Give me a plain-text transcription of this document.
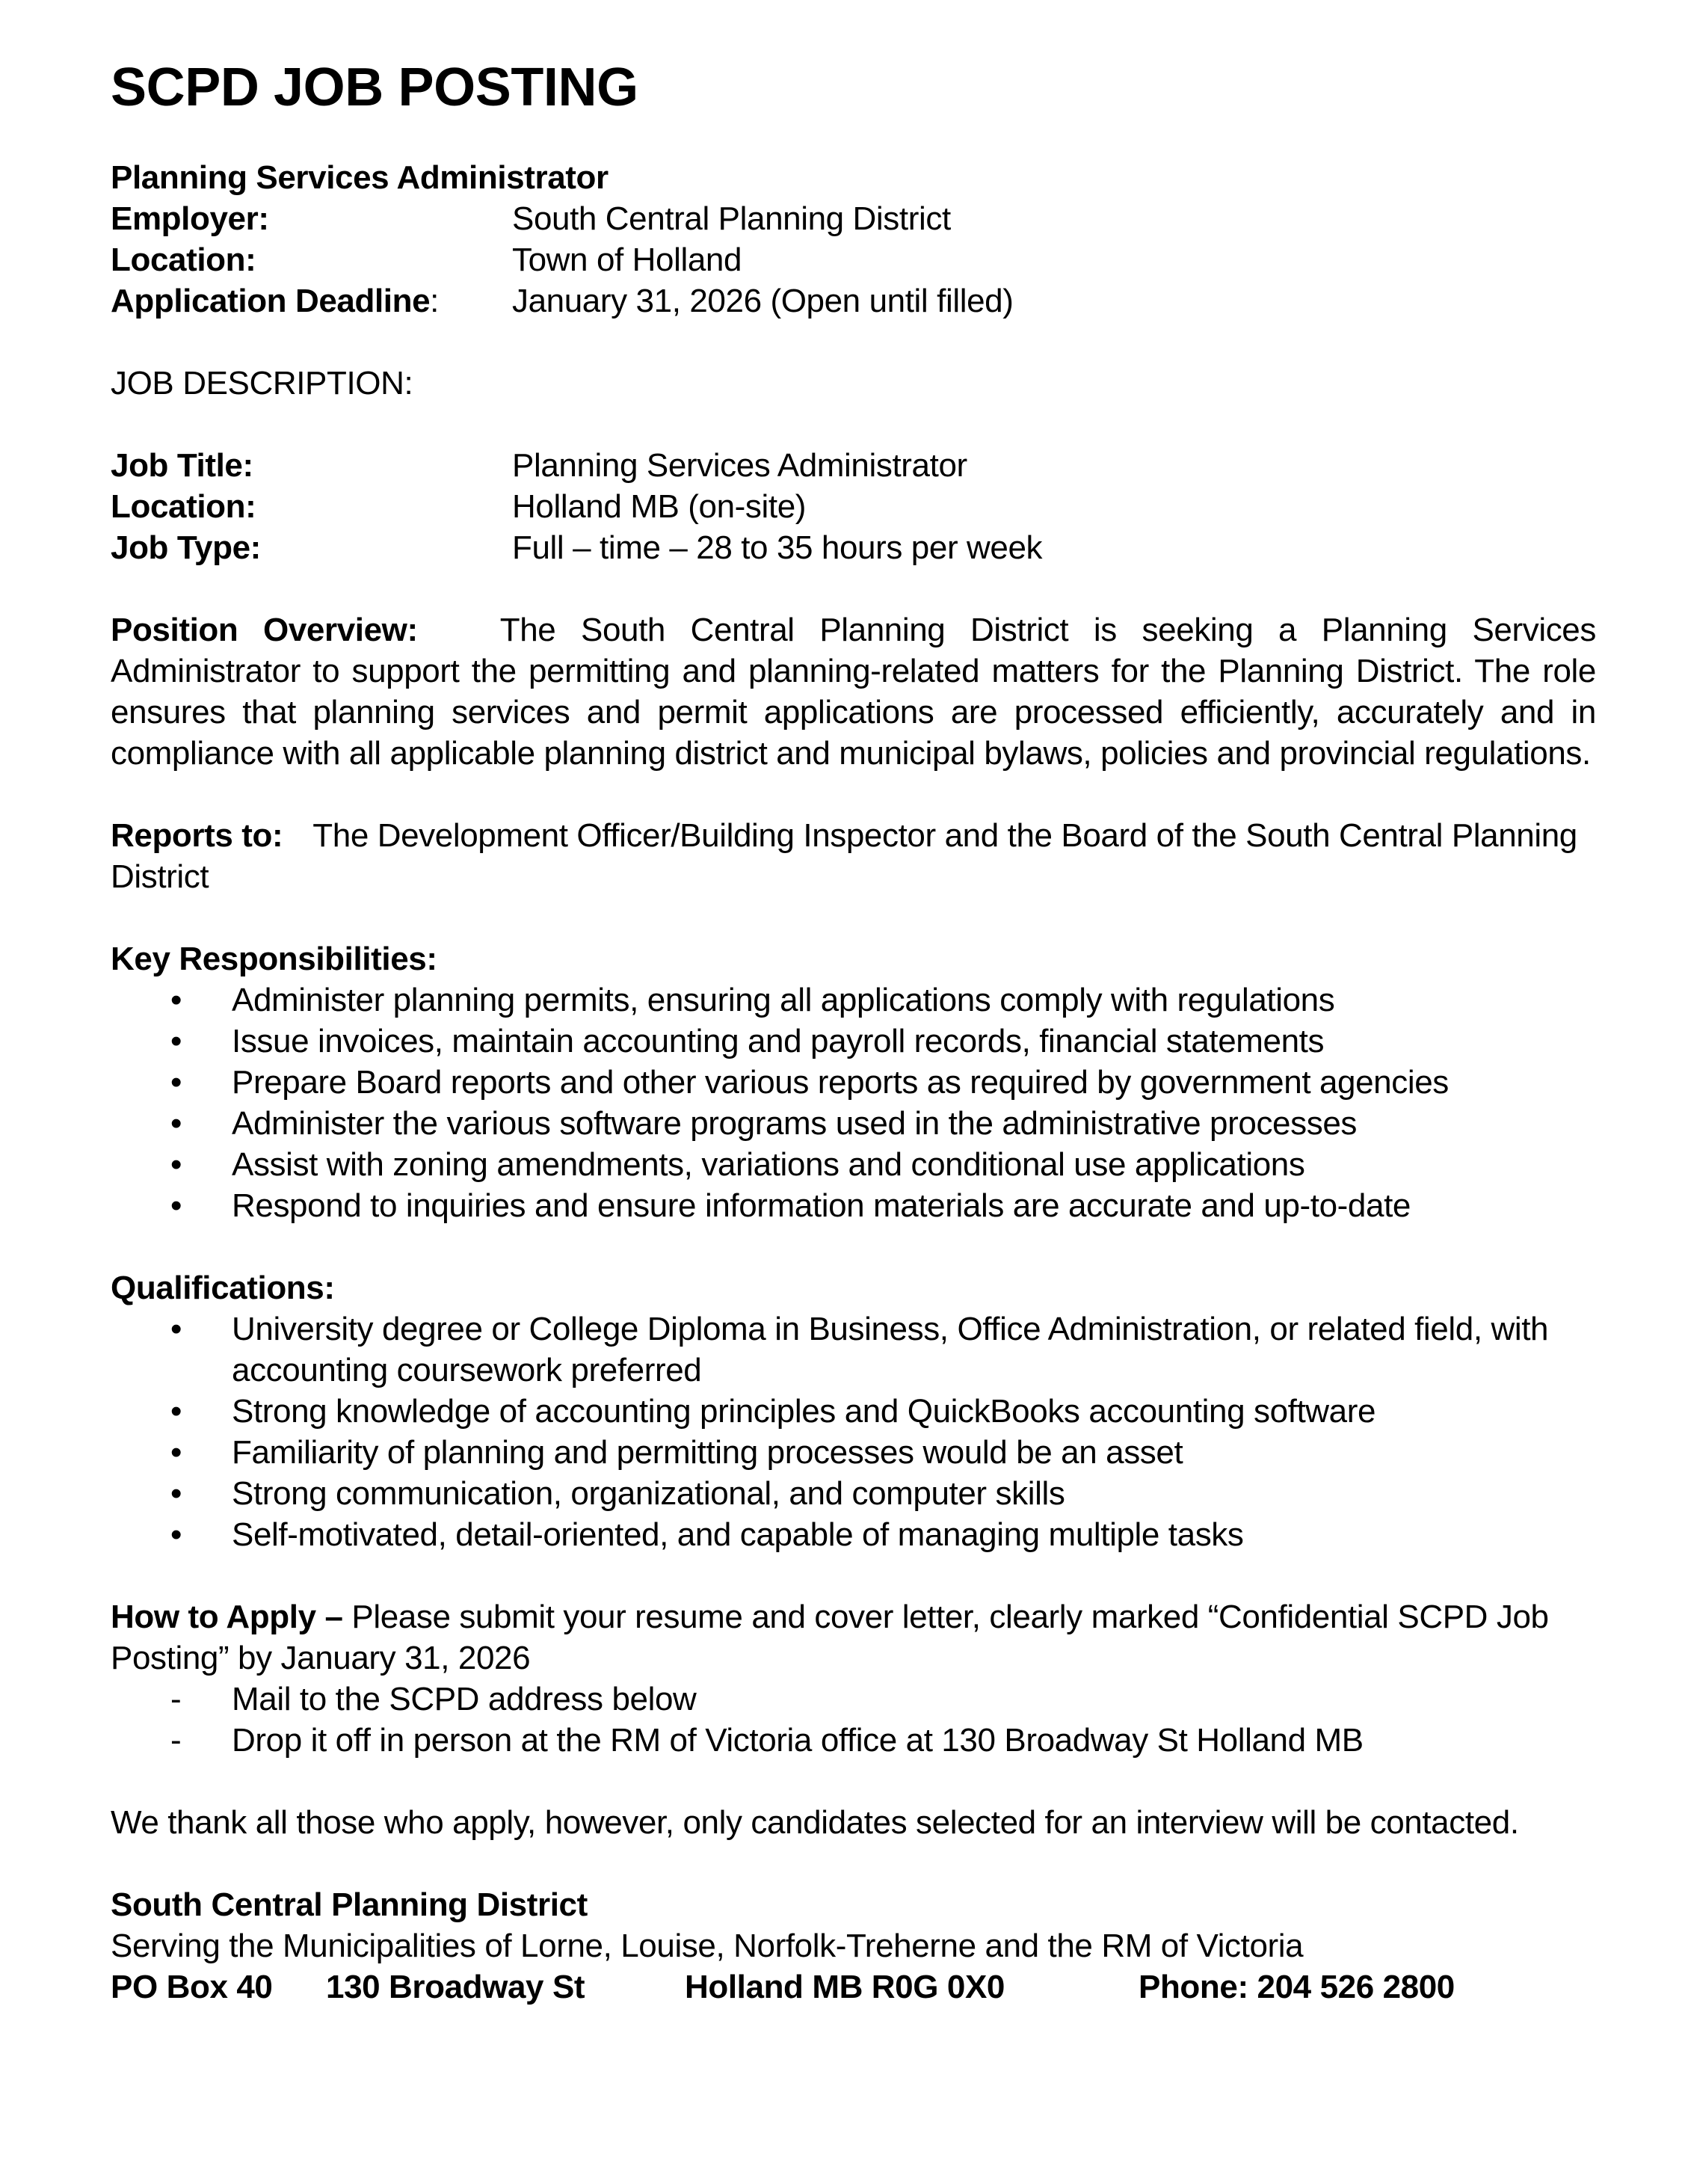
SCPD JOB POSTING
Planning Services Administrator
Employer:	South Central Planning District
Location:	Town of Holland
Application Deadline:	January 31, 2026 (Open until filled)
JOB DESCRIPTION:
Job Title:	Planning Services Administrator
Location:	Holland MB (on-site)
Job Type:	Full – time – 28 to 35 hours per week

Position Overview:	The South Central Planning District is seeking a Planning Services Administrator to support the permitting and planning-related matters for the Planning District. The role ensures that planning services and permit applications are processed efficiently, accurately and in compliance with all applicable planning district and municipal bylaws, policies and provincial regulations.

Reports to: The Development Officer/Building Inspector and the Board of the South Central Planning District

Key Responsibilities:
•	Administer planning permits, ensuring all applications comply with regulations
•	Issue invoices, maintain accounting and payroll records, financial statements
•	Prepare Board reports and other various reports as required by government agencies
•	Administer the various software programs used in the administrative processes
•	Assist with zoning amendments, variations and conditional use applications
•	Respond to inquiries and ensure information materials are accurate and up-to-date
Qualifications:
•	University degree or College Diploma in Business, Office Administration, or related field, with accounting coursework preferred
•	Strong knowledge of accounting principles and QuickBooks accounting software
•	Familiarity of planning and permitting processes would be an asset
•	Strong communication, organizational, and computer skills
•	Self-motivated, detail-oriented, and capable of managing multiple tasks

How to Apply – Please submit your resume and cover letter, clearly marked “Confidential SCPD Job Posting” by January 31, 2026

-	Mail to the SCPD address below
-	Drop it off in person at the RM of Victoria office at 130 Broadway St Holland MB

We thank all those who apply, however, only candidates selected for an interview will be contacted.

South Central Planning District
Serving the Municipalities of Lorne, Louise, Norfolk-Treherne and the RM of Victoria
PO Box 40 130 Broadway St	Holland MB R0G 0X0	Phone: 204 526 2800
